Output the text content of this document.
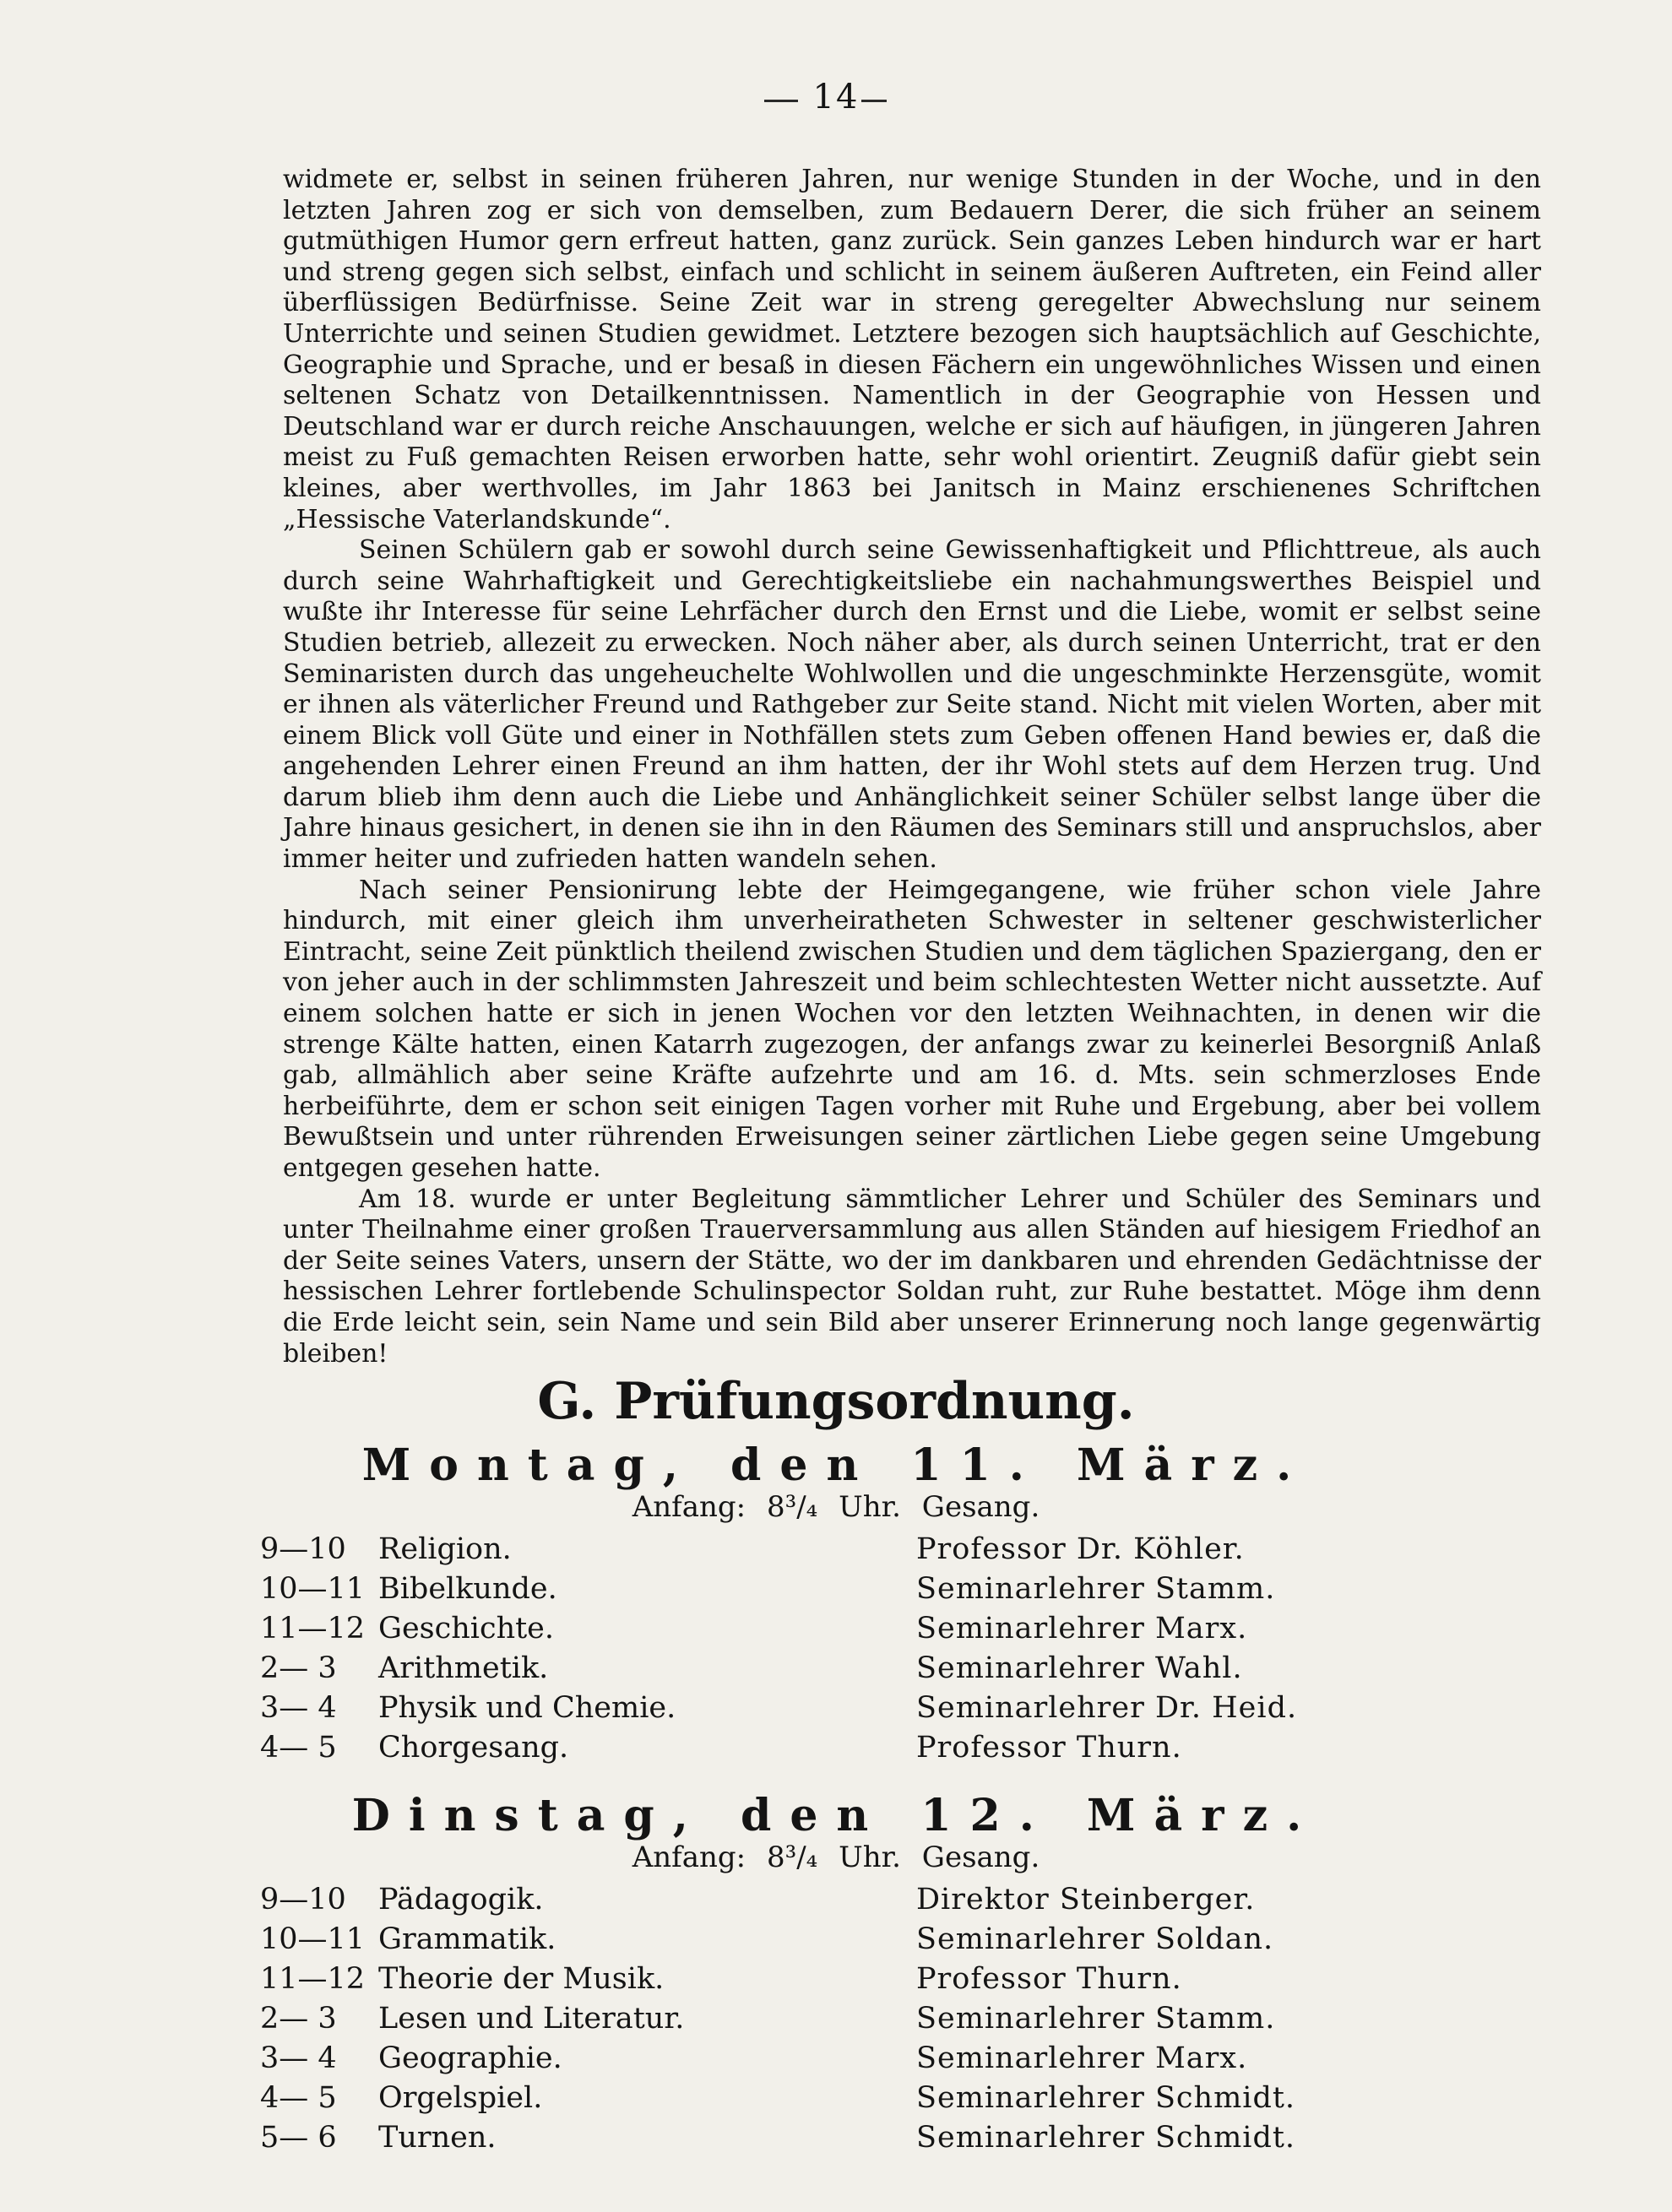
14

widmete er, selbst in seinen früheren Jahren, nur wenige Stunden in der Woche, und in den letzten Jahren zog er sich von demselben, zum Bedauern Derer, die sich früher an seinem gutmüthigen Humor gern erfreut hatten, ganz zurück. Sein ganzes Leben hindurch war er hart und streng gegen sich selbst, einfach und schlicht in seinem äußeren Auftreten, ein Feind aller überflüssigen Bedürfnisse. Seine Zeit war in streng geregelter Abwechslung nur seinem Unterrichte und seinen Studien gewidmet. Letztere bezogen sich hauptsächlich auf Geschichte, Geographie und Sprache, und er besaß in diesen Fächern ein ungewöhnliches Wissen und einen seltenen Schatz von Detailkenntnissen. Namentlich in der Geographie von Hessen und Deutschland war er durch reiche Anschauungen, welche er sich auf häufigen, in jüngeren Jahren meist zu Fuß gemachten Reisen erworben hatte, sehr wohl orientirt. Zeugniß dafür giebt sein kleines, aber werthvolles, im Jahr 1863 bei Janitsch in Mainz erschienenes Schriftchen „Hessische Vaterlandskunde“.

Seinen Schülern gab er sowohl durch seine Gewissenhaftigkeit und Pflichttreue, als auch durch seine Wahrhaftigkeit und Gerechtigkeitsliebe ein nachahmungswerthes Beispiel und wußte ihr Interesse für seine Lehrfächer durch den Ernst und die Liebe, womit er selbst seine Studien betrieb, allezeit zu erwecken. Noch näher aber, als durch seinen Unterricht, trat er den Seminaristen durch das ungeheuchelte Wohlwollen und die ungeschminkte Herzensgüte, womit er ihnen als väterlicher Freund und Rathgeber zur Seite stand. Nicht mit vielen Worten, aber mit einem Blick voll Güte und einer in Nothfällen stets zum Geben offenen Hand bewies er, daß die angehenden Lehrer einen Freund an ihm hatten, der ihr Wohl stets auf dem Herzen trug. Und darum blieb ihm denn auch die Liebe und Anhänglichkeit seiner Schüler selbst lange über die Jahre hinaus gesichert, in denen sie ihn in den Räumen des Seminars still und anspruchslos, aber immer heiter und zufrieden hatten wandeln sehen.

Nach seiner Pensionirung lebte der Heimgegangene, wie früher schon viele Jahre hindurch, mit einer gleich ihm unverheiratheten Schwester in seltener geschwisterlicher Eintracht, seine Zeit pünktlich theilend zwischen Studien und dem täglichen Spaziergang, den er von jeher auch in der schlimmsten Jahreszeit und beim schlechtesten Wetter nicht aussetzte. Auf einem solchen hatte er sich in jenen Wochen vor den letzten Weihnachten, in denen wir die strenge Kälte hatten, einen Katarrh zugezogen, der anfangs zwar zu keinerlei Besorgniß Anlaß gab, allmählich aber seine Kräfte aufzehrte und am 16. d. Mts. sein schmerzloses Ende herbeiführte, dem er schon seit einigen Tagen vorher mit Ruhe und Ergebung, aber bei vollem Bewußtsein und unter rührenden Erweisungen seiner zärtlichen Liebe gegen seine Umgebung entgegen gesehen hatte.

Am 18. wurde er unter Begleitung sämmtlicher Lehrer und Schüler des Seminars und unter Theilnahme einer großen Trauerversammlung aus allen Ständen auf hiesigem Friedhof an der Seite seines Vaters, unsern der Stätte, wo der im dankbaren und ehrenden Gedächtnisse der hessischen Lehrer fortlebende Schulinspector Soldan ruht, zur Ruhe bestattet. Möge ihm denn die Erde leicht sein, sein Name und sein Bild aber unserer Erinnerung noch lange gegenwärtig bleiben!

G. Prüfungsordnung.
Montag, den 11. März.
Anfang: 8³/₄ Uhr. Gesang.
9—10 Religion.	Professor Dr. Köhler.
10—11 Bibelkunde.	Seminarlehrer Stamm.
11—12 Geschichte.	Seminarlehrer Marx.
2— 3 Arithmetik.	Seminarlehrer Wahl.
3— 4 Physik und Chemie.	Seminarlehrer Dr. Heid.
4— 5 Chorgesang.	Professor Thurn.
Dinstag, den 12. März.
Anfang: 8³/₄ Uhr. Gesang.
9—10 Pädagogik.	Direktor Steinberger.
10—11 Grammatik.	Seminarlehrer Soldan.
11—12 Theorie der Musik.	Professor Thurn.
2— 3 Lesen und Literatur.	Seminarlehrer Stamm.
3— 4 Geographie.	Seminarlehrer Marx.
4— 5 Orgelspiel.	Seminarlehrer Schmidt.
5— 6 Turnen.	Seminarlehrer Schmidt.
